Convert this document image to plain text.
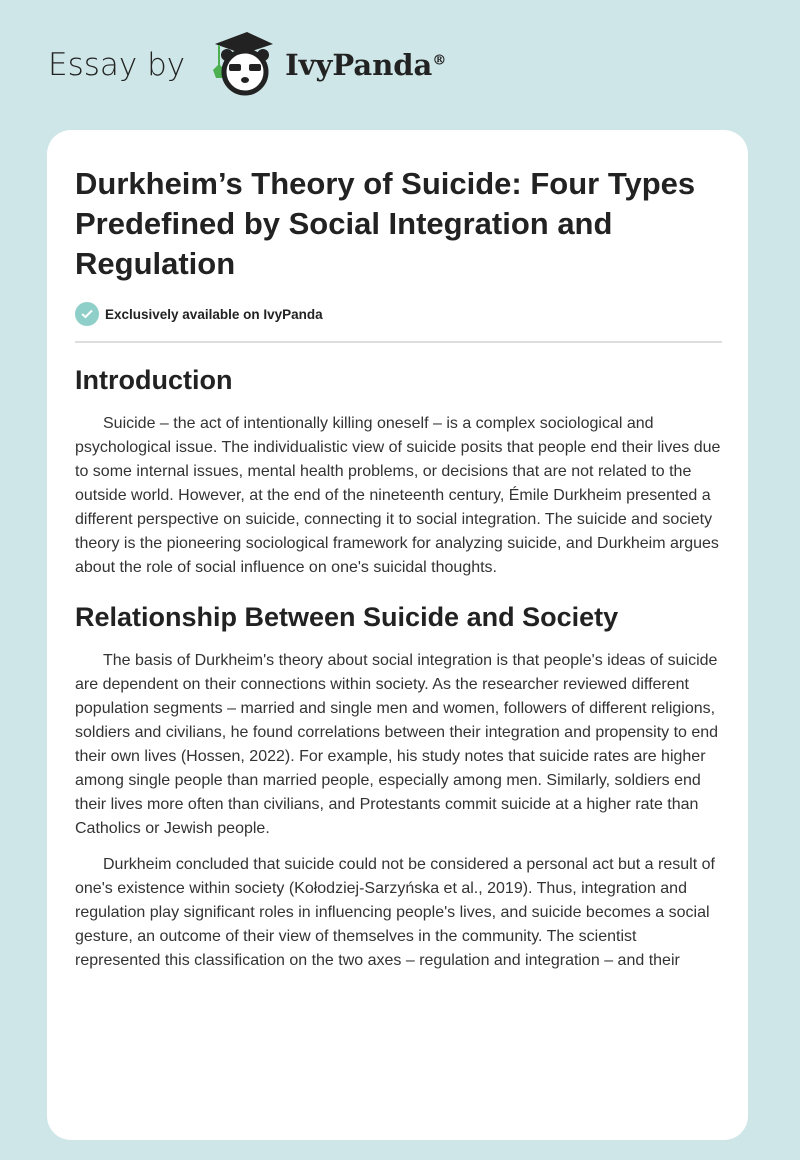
Essay by	IvyPanda®
Durkheim’s Theory of Suicide: Four Types Predefined by Social Integration and Regulation
Exclusively available on IvyPanda
Introduction

Suicide – the act of intentionally killing oneself – is a complex sociological and psychological issue. The individualistic view of suicide posits that people end their lives due to some internal issues, mental health problems, or decisions that are not related to the outside world. However, at the end of the nineteenth century, Émile Durkheim presented a different perspective on suicide, connecting it to social integration. The suicide and society theory is the pioneering sociological framework for analyzing suicide, and Durkheim argues about the role of social influence on one's suicidal thoughts.

Relationship Between Suicide and Society

The basis of Durkheim's theory about social integration is that people's ideas of suicide are dependent on their connections within society. As the researcher reviewed different population segments – married and single men and women, followers of different religions, soldiers and civilians, he found correlations between their integration and propensity to end their own lives (Hossen, 2022). For example, his study notes that suicide rates are higher among single people than married people, especially among men. Similarly, soldiers end their lives more often than civilians, and Protestants commit suicide at a higher rate than Catholics or Jewish people.

Durkheim concluded that suicide could not be considered a personal act but a result of one's existence within society (Kołodziej-Sarzyńska et al., 2019). Thus, integration and regulation play significant roles in influencing people's lives, and suicide becomes a social gesture, an outcome of their view of themselves in the community. The scientist represented this classification on the two axes – regulation and integration – and their
